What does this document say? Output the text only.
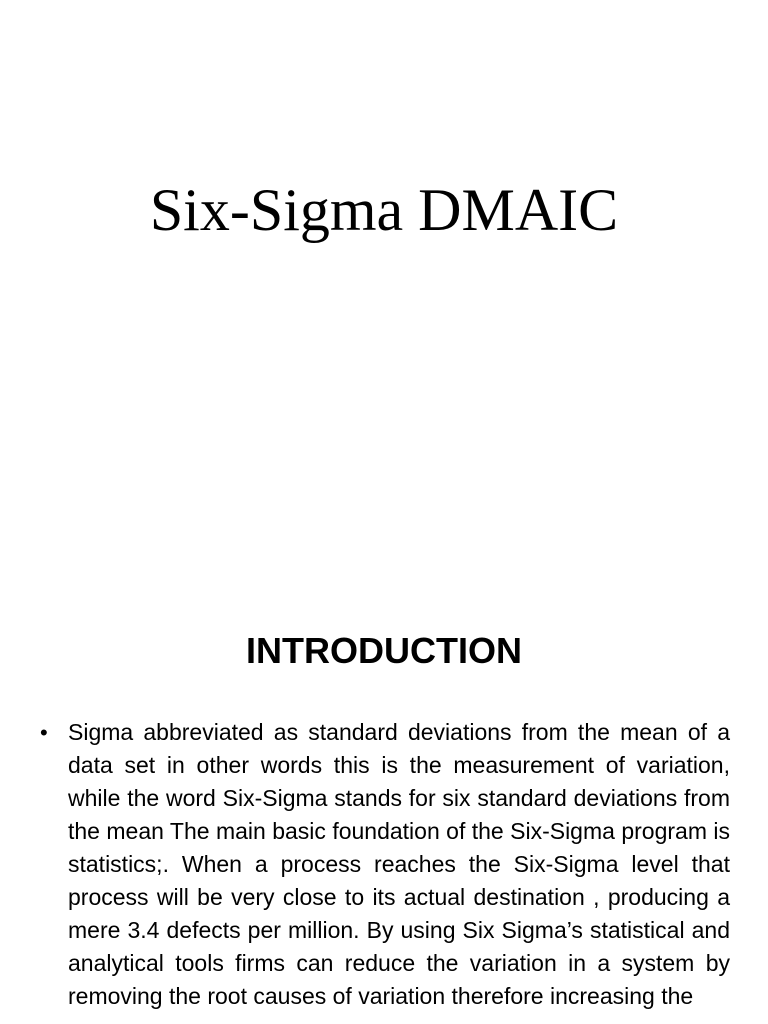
Six-Sigma DMAIC
INTRODUCTION
• Sigma abbreviated as standard deviations from the mean of a data set in other words this is the measurement of variation, while the word Six-Sigma stands for six standard deviations from the mean The main basic foundation of the Six-Sigma program is statistics;. When a process reaches the Six-Sigma level that process will be very close to its actual destination , producing a mere 3.4 defects per million. By using Six Sigma’s statistical and analytical tools firms can reduce the variation in a system by removing the root causes of variation therefore increasing the
